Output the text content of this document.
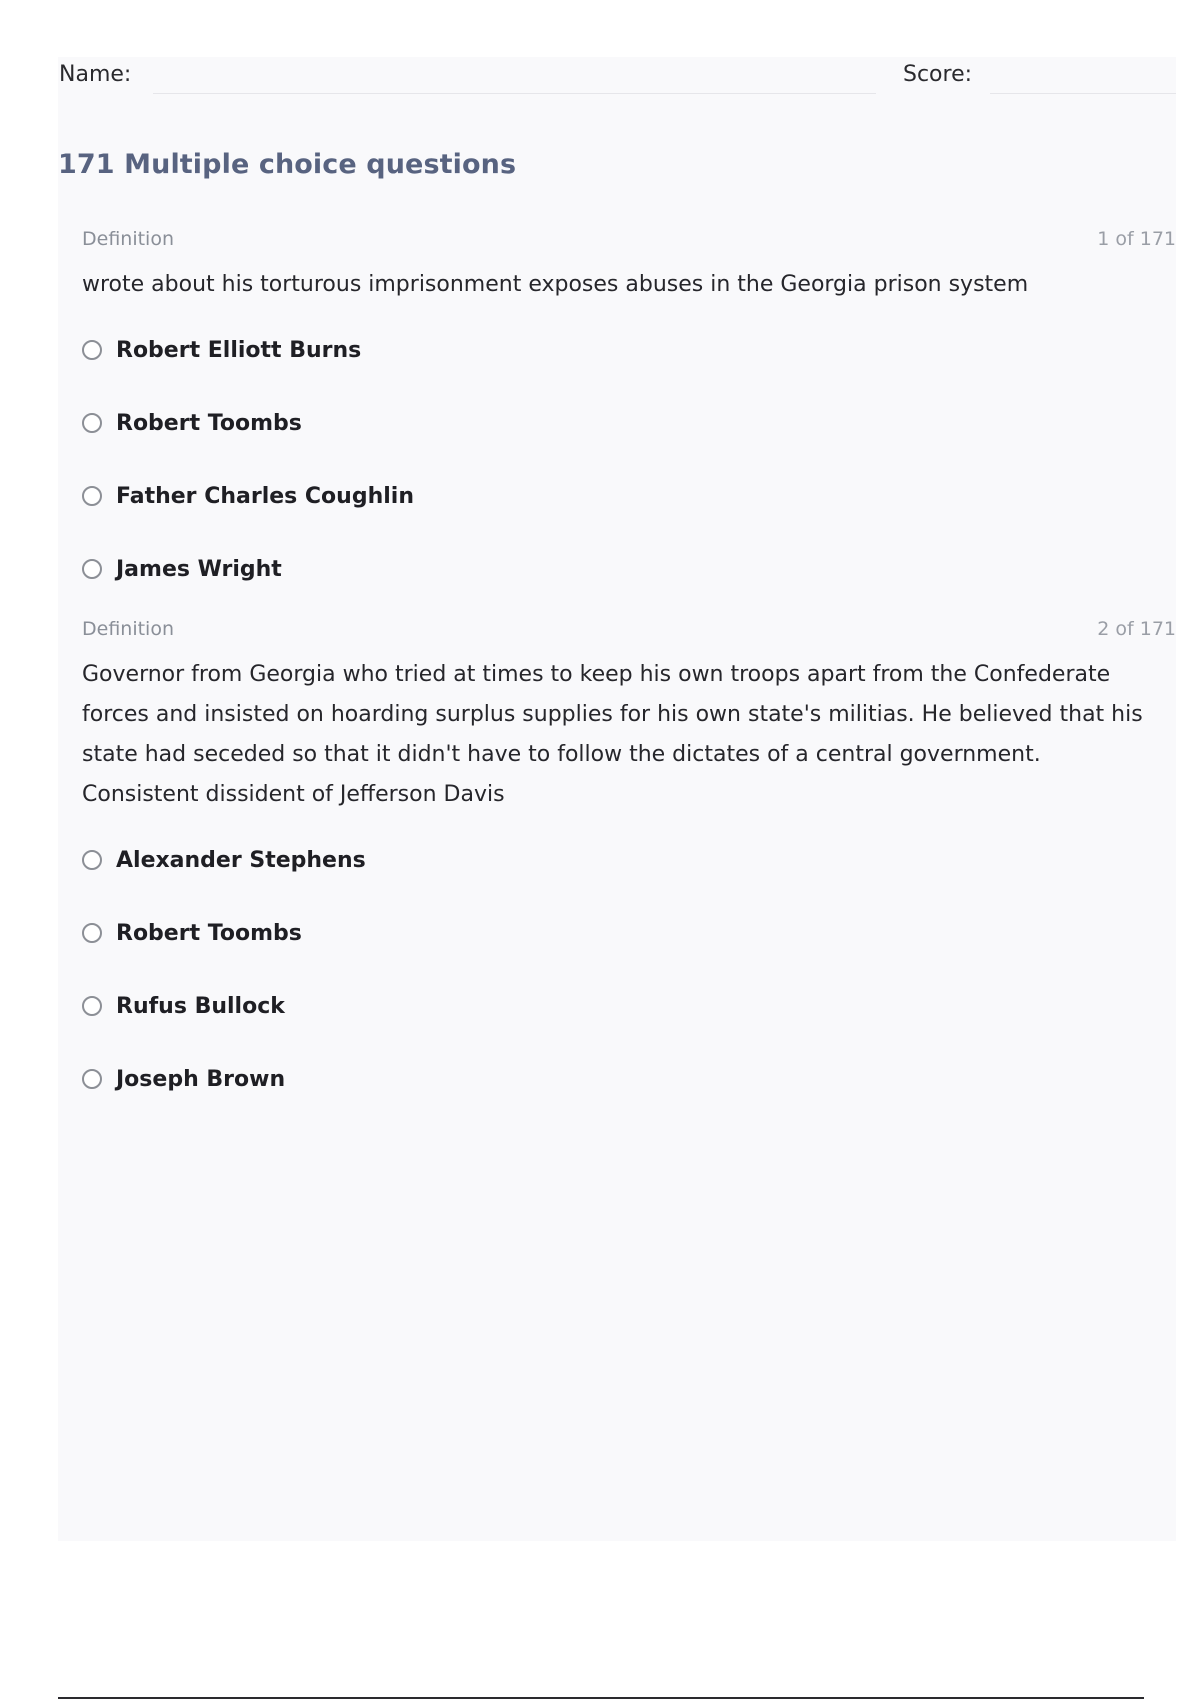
Name:	Score:
171 Multiple choice questions
Definition	1 of 171
wrote about his torturous imprisonment exposes abuses in the Georgia prison system
Robert Elliott Burns
Robert Toombs
Father Charles Coughlin
James Wright
Definition	2 of 171
Governor from Georgia who tried at times to keep his own troops apart from the Confederate forces and insisted on hoarding surplus supplies for his own state's militias. He believed that his state had seceded so that it didn't have to follow the dictates of a central government. Consistent dissident of Jefferson Davis
Alexander Stephens
Robert Toombs
Rufus Bullock
Joseph Brown
